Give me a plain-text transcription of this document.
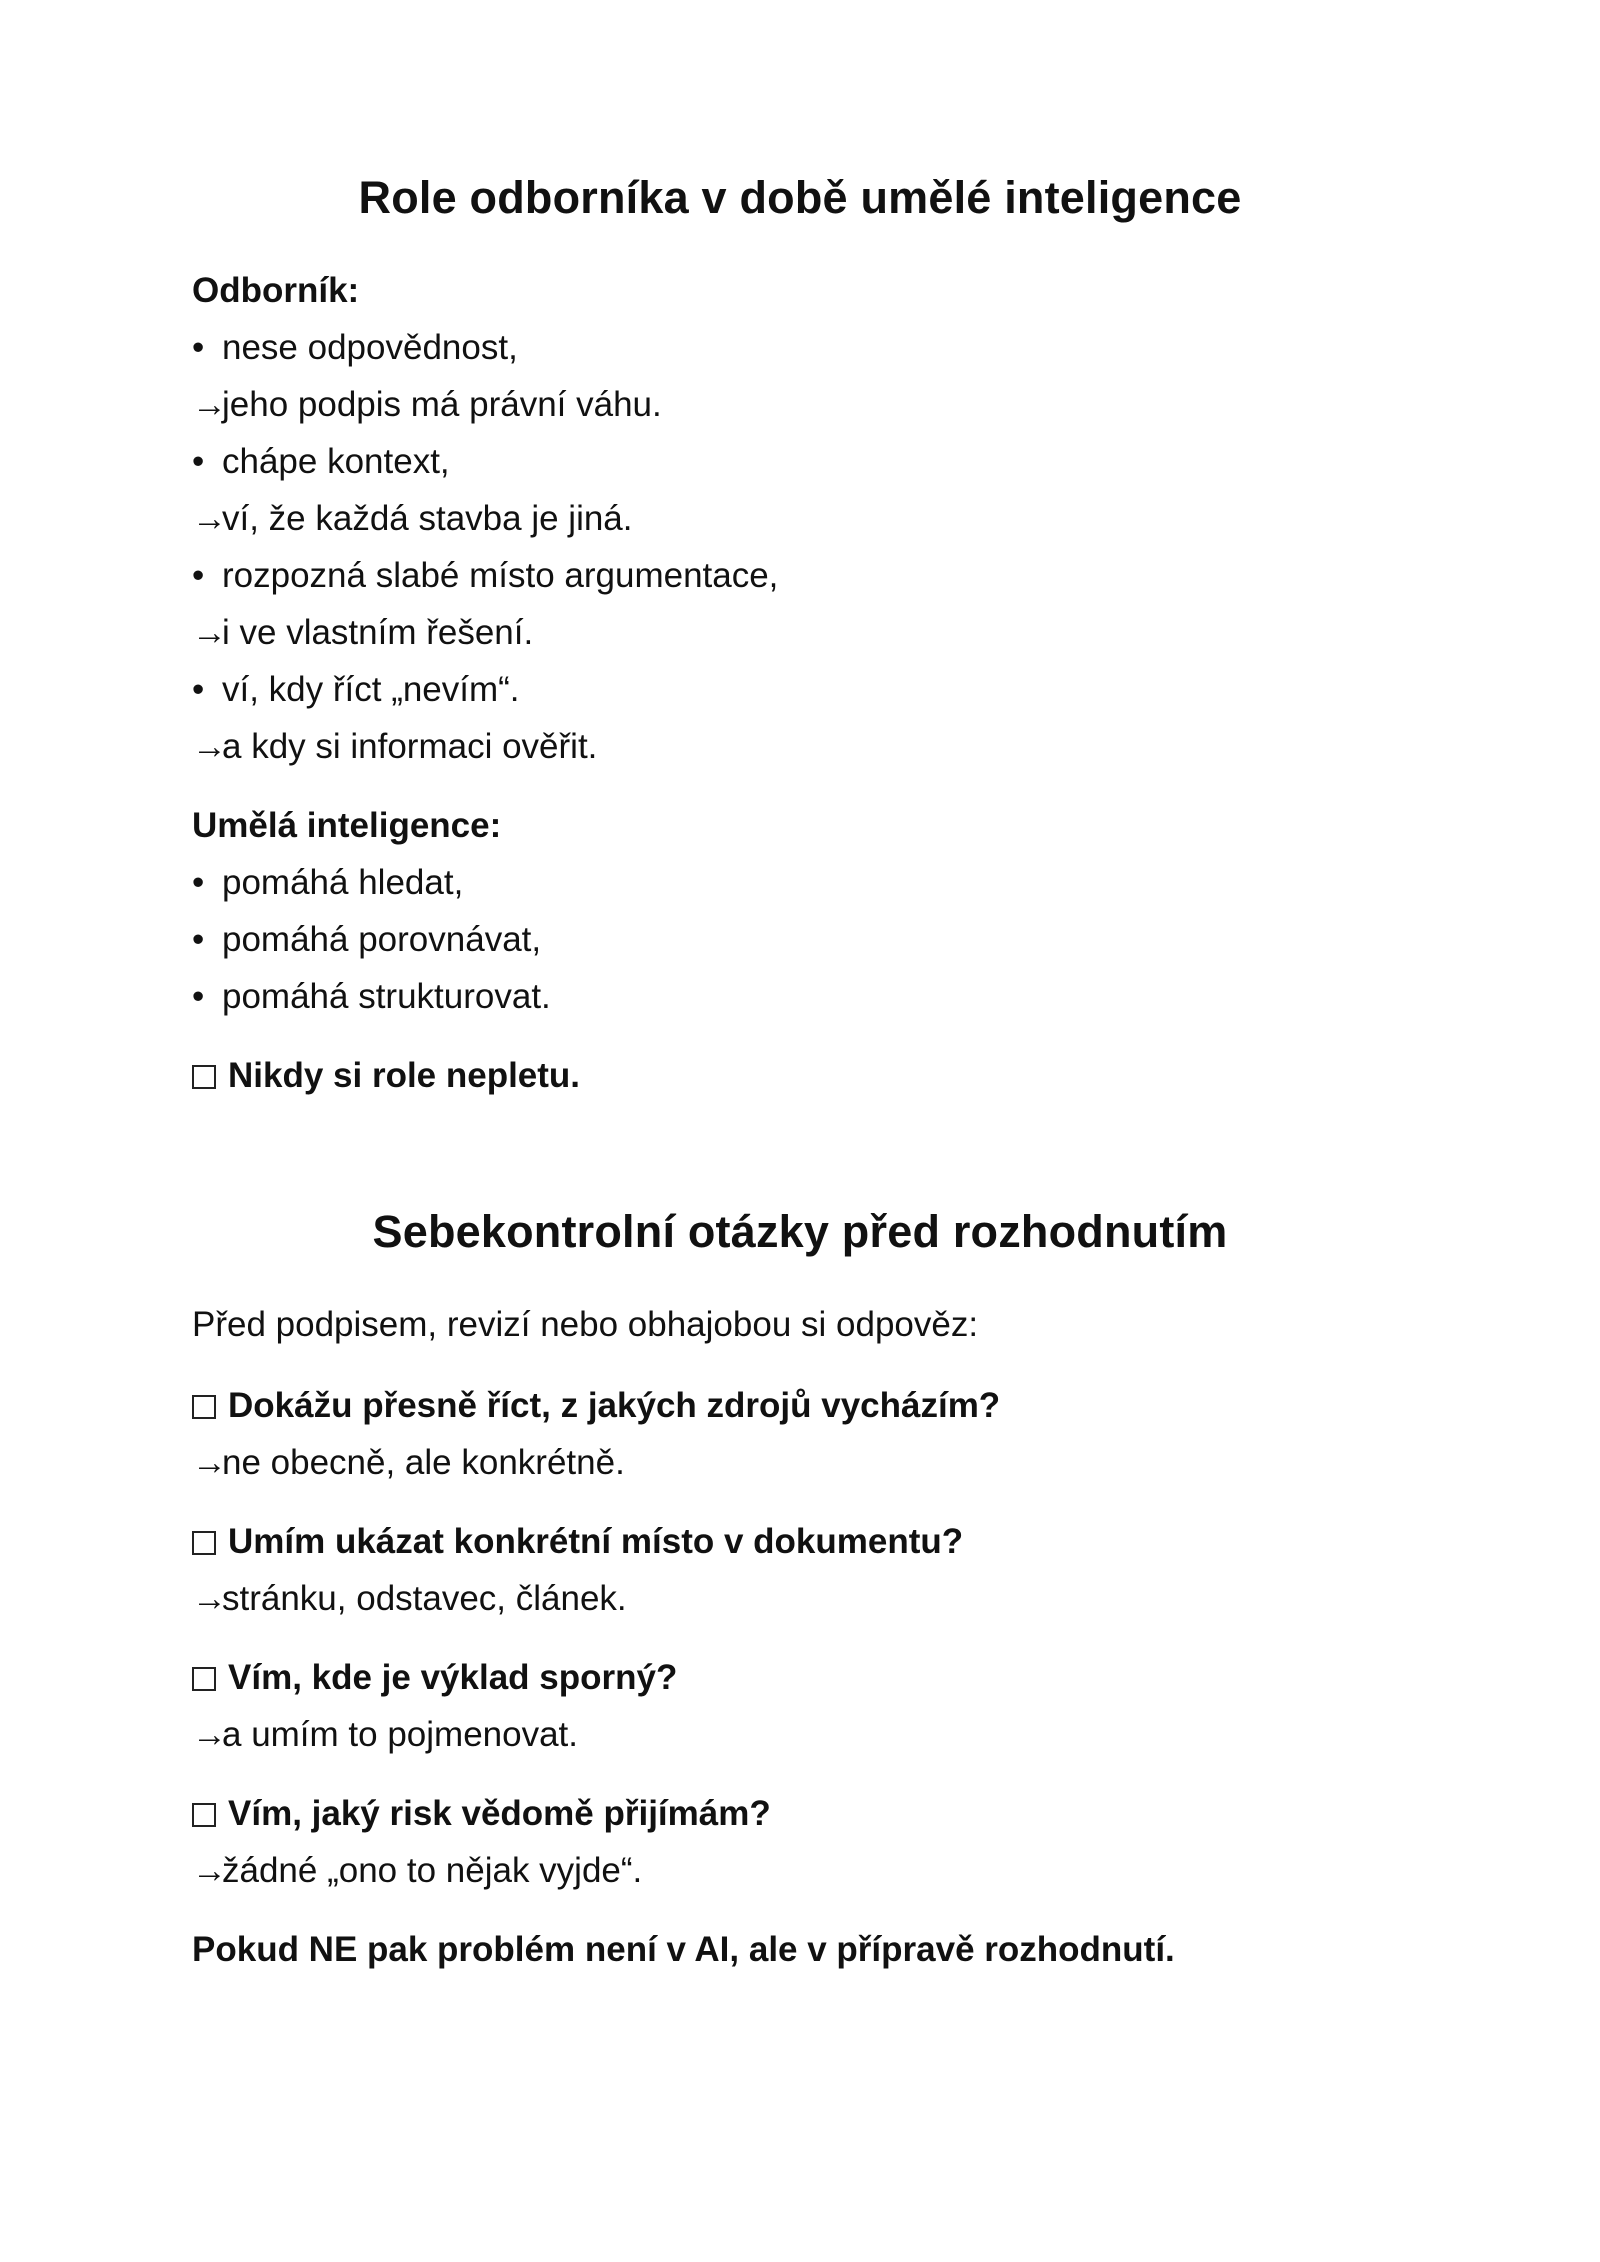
Role odborníka v době umělé inteligence
Odborník:
• nese odpovědnost,
→jeho podpis má právní váhu.
• chápe kontext,
→ví, že každá stavba je jiná.
• rozpozná slabé místo argumentace,
→i ve vlastním řešení.
• ví, kdy říct „nevím“.
→a kdy si informaci ověřit.
Umělá inteligence:
• pomáhá hledat,
• pomáhá porovnávat,
• pomáhá strukturovat.
Nikdy si role nepletu.
Sebekontrolní otázky před rozhodnutím
Před podpisem, revizí nebo obhajobou si odpověz:
Dokážu přesně říct, z jakých zdrojů vycházím?
→ne obecně, ale konkrétně.
Umím ukázat konkrétní místo v dokumentu?
→stránku, odstavec, článek.
Vím, kde je výklad sporný?
→a umím to pojmenovat.
Vím, jaký risk vědomě přijímám?
→žádné „ono to nějak vyjde“.
Pokud NE pak problém není v AI, ale v přípravě rozhodnutí.
